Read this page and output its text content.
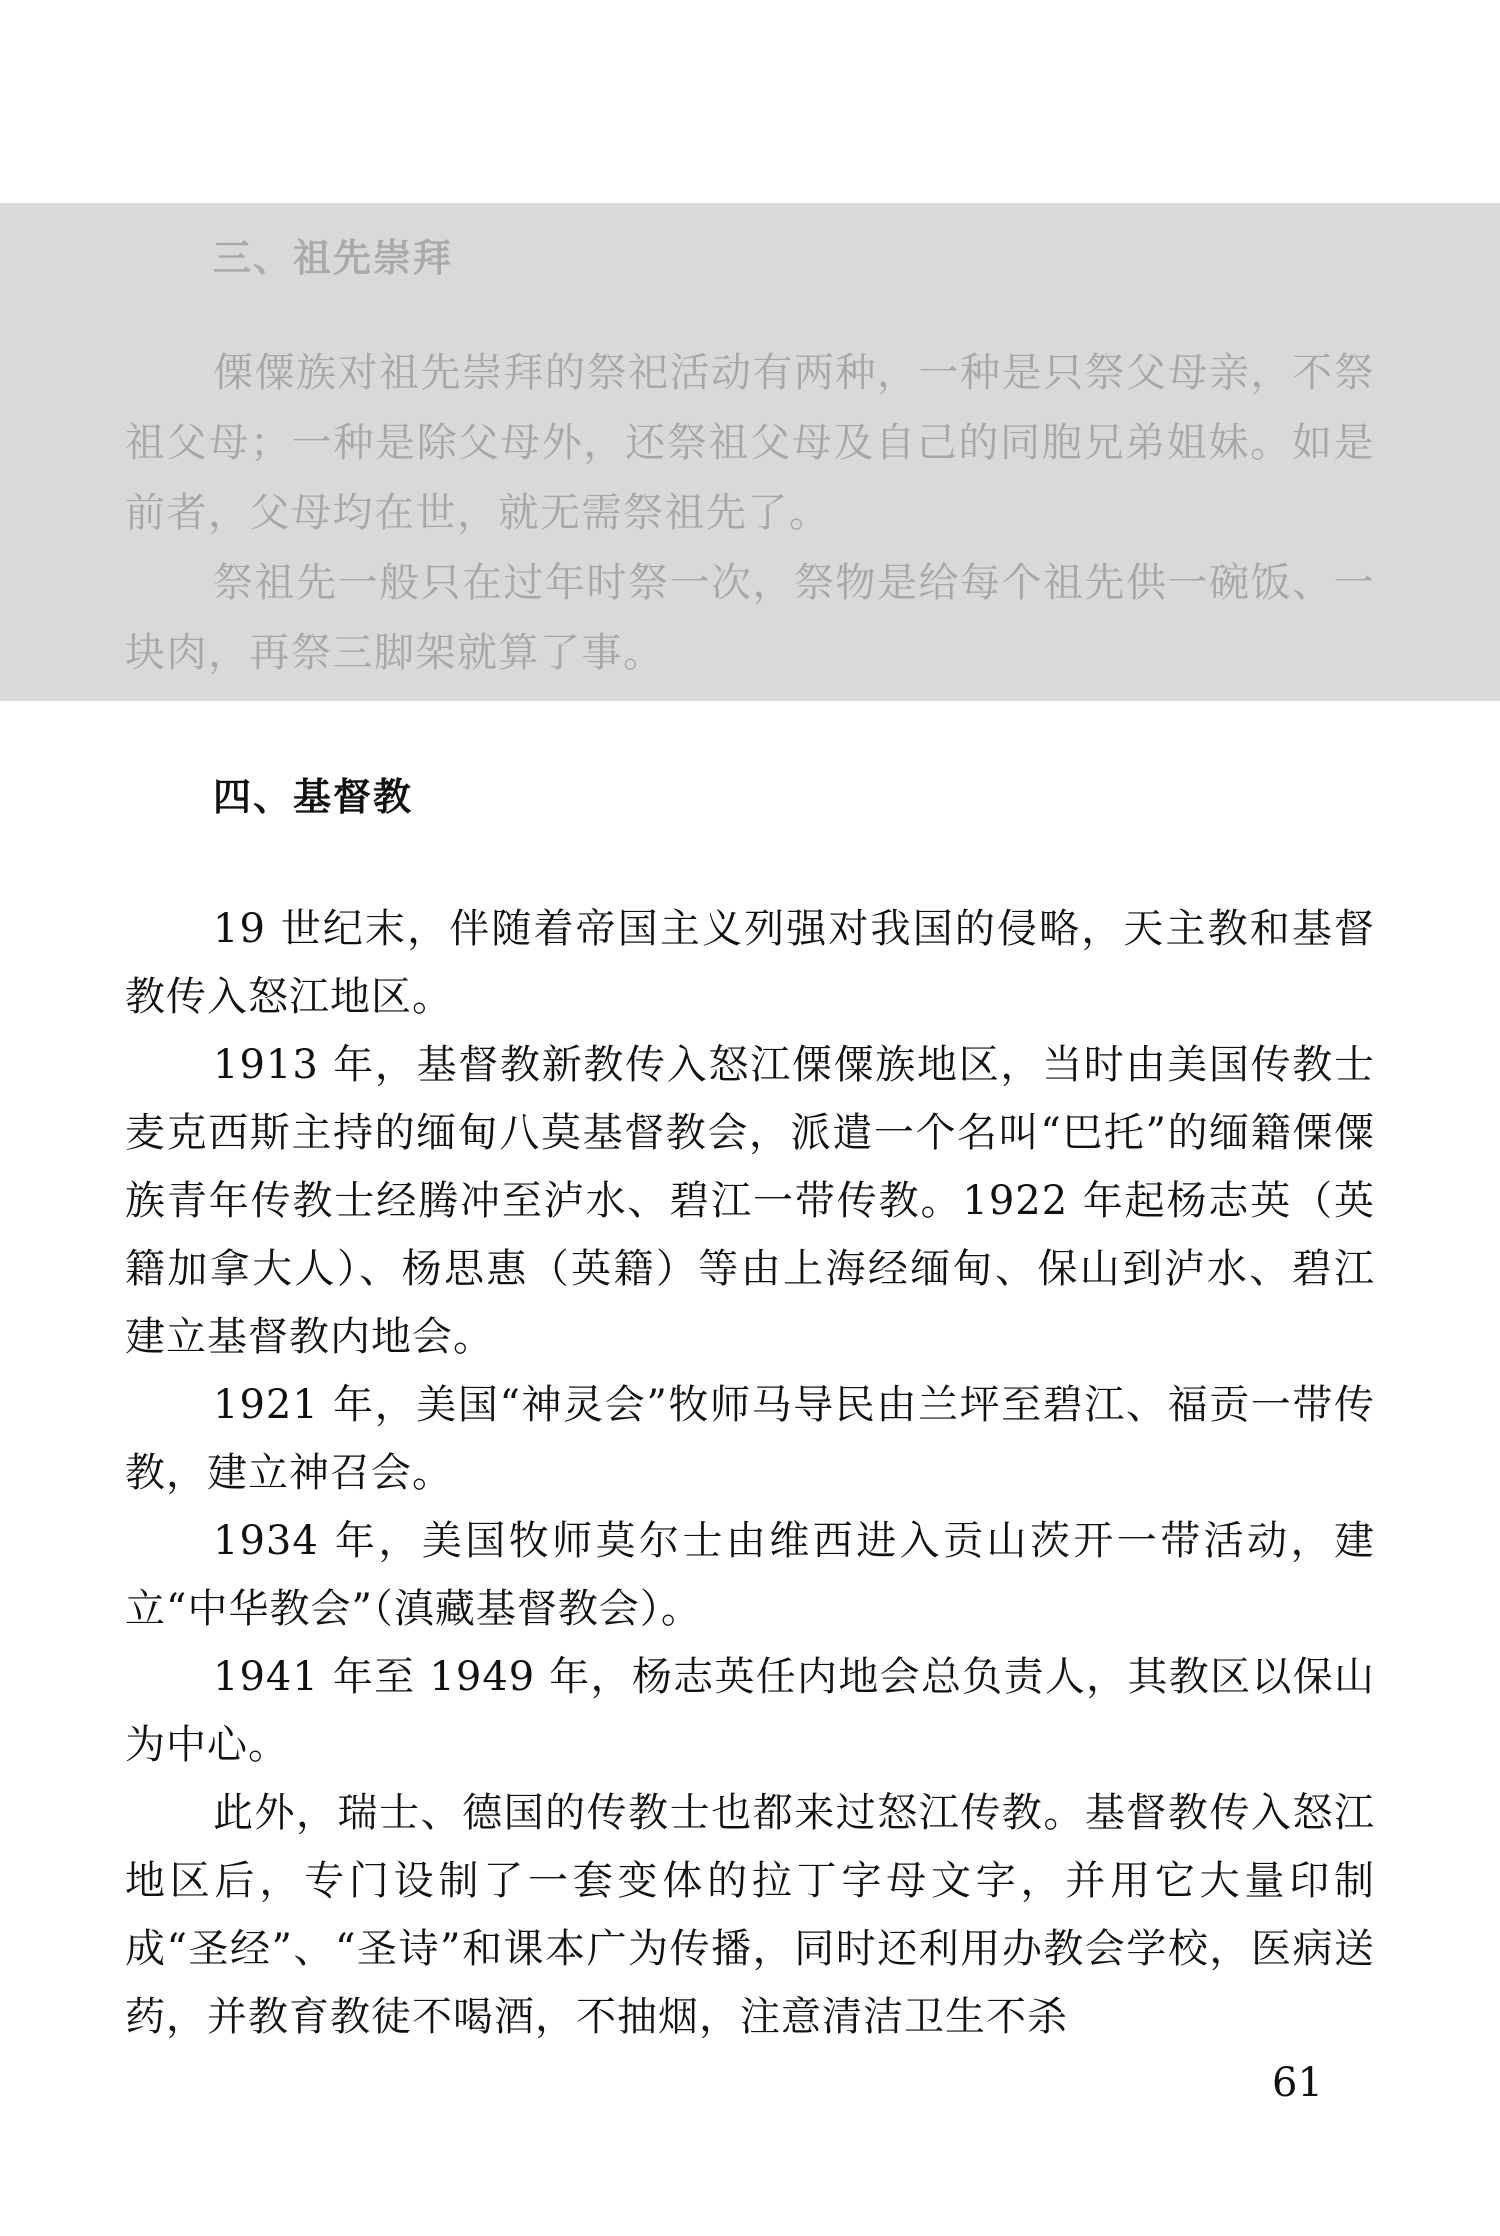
三、祖先崇拜

傈僳族对祖先崇拜的祭祀活动有两种，一种是只祭父母亲，不祭祖父母；一种是除父母外，还祭祖父母及自己的同胞兄弟姐妹。如是前者，父母均在世，就无需祭祖先了。

祭祖先一般只在过年时祭一次，祭物是给每个祖先供一碗饭、一块肉，再祭三脚架就算了事。

四、基督教

19 世纪末，伴随着帝国主义列强对我国的侵略，天主教和基督教传入怒江地区。

1913 年，基督教新教传入怒江傈僳族地区，当时由美国传教士麦克西斯主持的缅甸八莫基督教会，派遣一个名叫“巴托”的缅籍傈僳族青年传教士经腾冲至泸水、碧江一带传教。1922 年起杨志英（英籍加拿大人）、杨思惠（英籍）等由上海经缅甸、保山到泸水、碧江建立基督教内地会。

1921 年，美国“神灵会”牧师马导民由兰坪至碧江、福贡一带传教，建立神召会。

1934 年，美国牧师莫尔士由维西进入贡山茨开一带活动，建立“中华教会”（滇藏基督教会）。

1941 年至 1949 年，杨志英任内地会总负责人，其教区以保山为中心。

此外，瑞士、德国的传教士也都来过怒江传教。基督教传入怒江地区后，专门设制了一套变体的拉丁字母文字，并用它大量印制成“圣经”、“圣诗”和课本广为传播，同时还利用办教会学校，医病送药，并教育教徒不喝酒，不抽烟，注意清洁卫生不杀

61
